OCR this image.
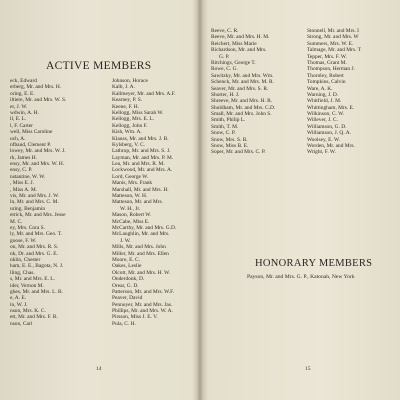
ACTIVE MEMBERS
eck, Edward
erberg, Mr. and Mrs. H.
oring, E. E.
iltiere, Mr. and Mrs. W. S.
er, J. W.
wdwin, A. H.
ll, E. L.
l, F. Carter
well, Miss Caroline
uch, A.
nfbaud, Clement P.
lowey, Mr. and Mrs. W. J.
rk, James H.
ensy, Mr. and Mrs. W. H.
ensy, C. P.
nstantine, W. W.
, Miss E. J.
, Miss A. M.
vis, Mr. and Mrs. J. W.
ln, Mr. and Mrs. C. M.
uring, Benjamin
etrick, Mr. and Mrs. Jesse
M. C.
ey, Mrs. Cora S.
ly, Mr. and Mrs. Geo. T.
goose, F. W.
on, Mr. and Mrs. R. S.
nk, Dr. and Mrs. G. E.
nklin, Chester
ham, E. E., Bagota, N. J.
lling, Chas.
s, Mr. and Mrs. E. L.
ider, Vernon M.
ghes, Mr. and Mrs. L. B.
e, A. E.
in, W. J.
nson, Mrs. K. C.
ett, Mr. and Mrs. F. B.
nson, Carl
Johnson, Horace
Kalb, J. A.
Kallmeyer, Mr. and Mrs. A.F.
Kearney, P. S.
Keene, F. H.
Kellogg, Miss Sarah W.
Kellogg, Mrs. E. L.
Kellogg, John F.
Kish, Wm. A.
Klauss, Mr. and Mrs. J. B.
Kylsberg, V. C.
Lathrop, Mr. and Mrs. S. J.
Layman, Mr. and Mrs. P. M.
Lea, Mr. and Mrs. R. M.
Lockwood, Mr. and Mrs. A.
Lord, George W.
Manis, Mrs. Frank
Marshall, Mr. and Mrs. H.
Matteson, W. H.
Matteson, Mr. and Mrs.
W. H., Jr.
Mason, Robert W.
McCabe, Miss E.
McCarthy, Mr. and Mrs. G.D.
McLaughlin, Mr. and Mrs.
J. W.
Mills, Mr. and Mrs. John
Miller, Mr. and Mrs. Ellen
Moore, E. C.
Oakes, Leslie
Olcott, Mr. and Mrs. H. W.
Onderdonk, D.
Orear, G. D.
Patterson, Mr. and Mrs. W.F.
Peaver, David
Pennoyer, Mr. and Mrs. Jas.
Phillips, Mr. and Mrs. W. A.
Pirsson, Miss J. E. V.
Pula, C. H.
14
Reeve, C. R.
Reeve, Mr. and Mrs. H. M.
Reichert, Miss Marie
Richardson, Mr. and Mrs.
G. P.
Ritchings, George T.
Rowe, C. G.
Sawitzky, Mr. and Mrs. Wm.
Schenck, Mr. and Mrs. M. R.
Seaver, Mr. and Mrs. S. R.
Shorter, H. J.
Shreeve, Mr. and Mrs. H. R.
Shuldham, Mr. and Mrs. C.D.
Small, Mr. and Mrs. John S.
Smith, Philip L.
Smith, T. M.
Snow, C. P.
Snow, Mrs. S. B.
Snow, Miss B. E.
Soper, Mr. and Mrs. C. P.
Stonnell, Mr. and Mrs. I
Strong, Mr. and Mrs. W
Summers, Mrs. W. E.
Talmage, Mr. and Mrs. T
Tepper, Mrs. F. W.
Thomas, Grant M.
Thompson, Herman J.
Thornley, Robert
Tompkins, Calvin
Ware, A. K.
Warning, J. D.
Whitfield, J. M.
Whittingham, Mrs. E.
Wilkinson, C. W.
Willever, J. C.
Williamson, G. D.
Williamson, J. Q. A.
Woolsey, E. W.
Worden, Mr. and Mrs.
Wright, F. W.
HONORARY MEMBERS
Payson, Mr. and Mrs. G. P., Katonah, New York
15
